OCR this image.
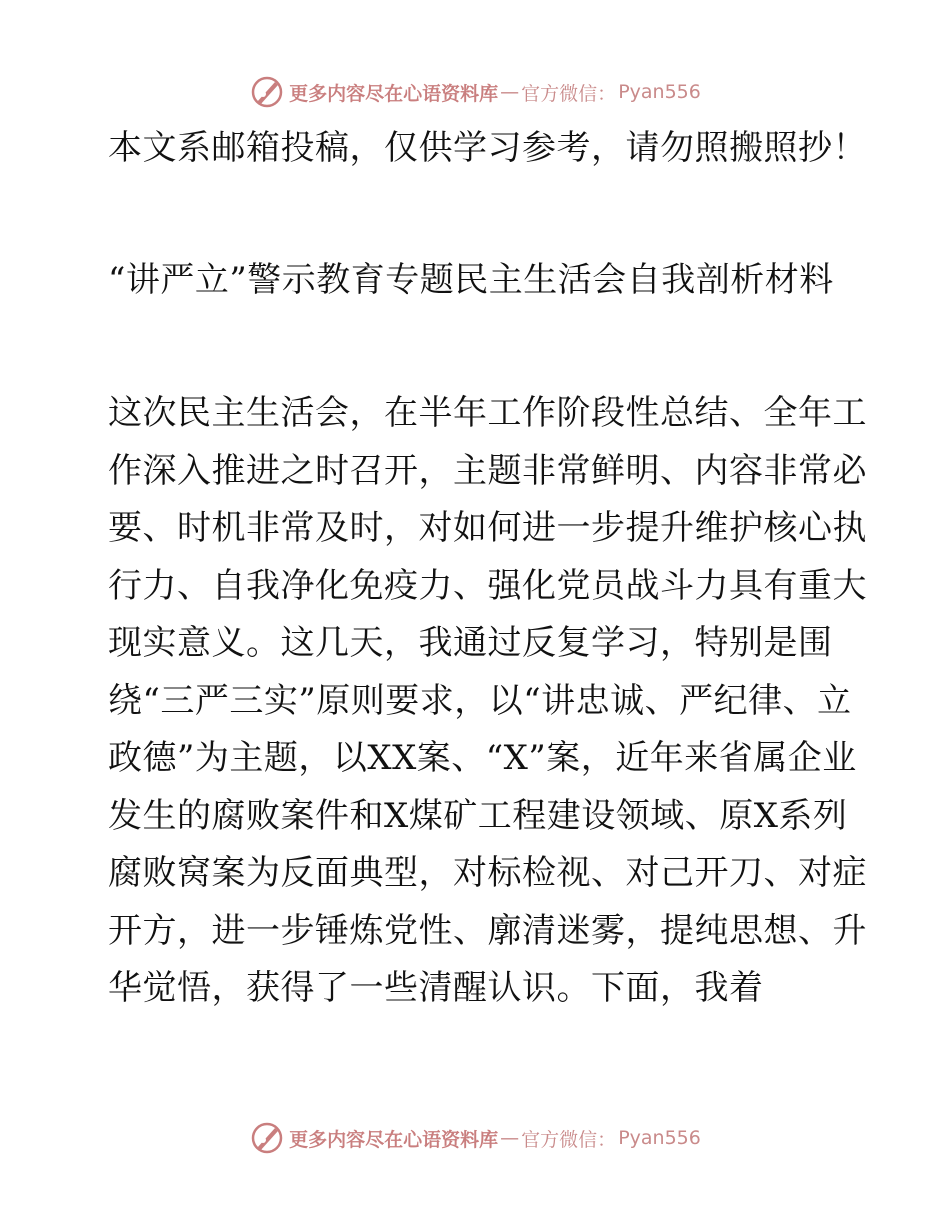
更多内容尽在心语资料库 — 官方微信： Pyan556
本文系邮箱投稿，仅供学习参考，请勿照搬照抄！
“讲严立”警示教育专题民主生活会自我剖析材料
这次民主生活会，在半年工作阶段性总结、全年工作深入推进之时召开，主题非常鲜明、内容非常必要、时机非常及时，对如何进一步提升维护核心执行力、自我净化免疫力、强化党员战斗力具有重大现实意义。这几天，我通过反复学习，特别是围绕“三严三实”原则要求，以“讲忠诚、严纪律、立政德”为主题，以XX案、“X”案，近年来省属企业发生的腐败案件和X煤矿工程建设领域、原X系列腐败窝案为反面典型，对标检视、对己开刀、对症开方，进一步锤炼党性、廓清迷雾，提纯思想、升华觉悟，获得了一些清醒认识。下面，我着
更多内容尽在心语资料库 — 官方微信： Pyan556
